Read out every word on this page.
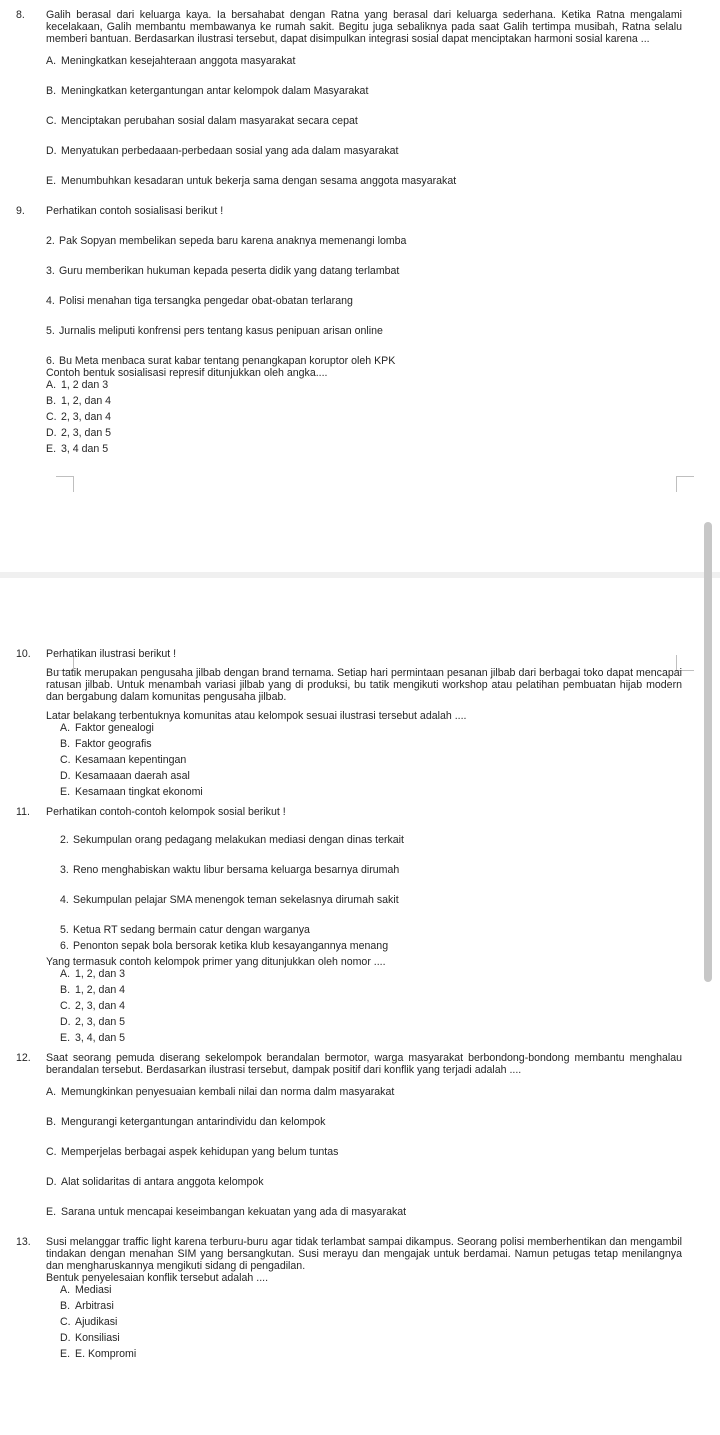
8.	Galih berasal dari keluarga kaya. Ia bersahabat dengan Ratna yang berasal dari keluarga sederhana. Ketika Ratna mengalami kecelakaan, Galih membantu membawanya ke rumah sakit. Begitu juga sebaliknya pada saat Galih tertimpa musibah, Ratna selalu memberi bantuan. Berdasarkan ilustrasi tersebut, dapat disimpulkan integrasi sosial dapat menciptakan harmoni sosial karena ...
A. Meningkatkan kesejahteraan anggota masyarakat
B. Meningkatkan ketergantungan antar kelompok dalam Masyarakat
C. Menciptakan perubahan sosial dalam masyarakat secara cepat
D. Menyatukan perbedaaan-perbedaan sosial yang ada dalam masyarakat
E. Menumbuhkan kesadaran untuk bekerja sama dengan sesama anggota masyarakat
9.	Perhatikan contoh sosialisasi berikut !
2. Pak Sopyan membelikan sepeda baru karena anaknya memenangi lomba
3. Guru memberikan hukuman kepada peserta didik yang datang terlambat
4. Polisi menahan tiga tersangka pengedar obat-obatan terlarang
5. Jurnalis meliputi konfrensi pers tentang kasus penipuan arisan online
6. Bu Meta menbaca surat kabar tentang penangkapan koruptor oleh KPK
Contoh bentuk sosialisasi represif ditunjukkan oleh angka....
A. 1, 2 dan 3
B. 1, 2, dan 4
C. 2, 3, dan 4
D. 2, 3, dan 5
E. 3, 4 dan 5
10.	Perhatikan ilustrasi berikut !
Bu tatik merupakan pengusaha jilbab dengan brand ternama. Setiap hari permintaan pesanan jilbab dari berbagai toko dapat mencapai ratusan jilbab. Untuk menambah variasi jilbab yang di produksi, bu tatik mengikuti workshop atau pelatihan pembuatan hijab modern dan bergabung dalam komunitas pengusaha jilbab.
Latar belakang terbentuknya komunitas atau kelompok sesuai ilustrasi tersebut adalah ....
A. Faktor genealogi
B. Faktor geografis
C. Kesamaan kepentingan
D. Kesamaaan daerah asal
E. Kesamaan tingkat ekonomi
11.	Perhatikan contoh-contoh kelompok sosial berikut !
2. Sekumpulan orang pedagang melakukan mediasi dengan dinas terkait
3. Reno menghabiskan waktu libur bersama keluarga besarnya dirumah
4. Sekumpulan pelajar SMA menengok teman sekelasnya dirumah sakit
5. Ketua RT sedang bermain catur dengan warganya
6. Penonton sepak bola bersorak ketika klub kesayangannya menang
Yang termasuk contoh kelompok primer yang ditunjukkan oleh nomor ....
A. 1, 2, dan 3
B. 1, 2, dan 4
C. 2, 3, dan 4
D. 2, 3, dan 5
E. 3, 4, dan 5
12.	Saat seorang pemuda diserang sekelompok berandalan bermotor, warga masyarakat berbondong-bondong membantu menghalau berandalan tersebut. Berdasarkan ilustrasi tersebut, dampak positif dari konflik yang terjadi adalah ....
A. Memungkinkan penyesuaian kembali nilai dan norma dalm masyarakat
B. Mengurangi ketergantungan antarindividu dan kelompok
C. Memperjelas berbagai aspek kehidupan yang belum tuntas
D. Alat solidaritas di antara anggota kelompok
E. Sarana untuk mencapai keseimbangan kekuatan yang ada di masyarakat
13.	Susi melanggar traffic light karena terburu-buru agar tidak terlambat sampai dikampus. Seorang polisi memberhentikan dan mengambil tindakan dengan menahan SIM yang bersangkutan. Susi merayu dan mengajak untuk berdamai. Namun petugas tetap menilangnya dan mengharuskannya mengikuti sidang di pengadilan.
Bentuk penyelesaian konflik tersebut adalah ....
A. Mediasi
B. Arbitrasi
C. Ajudikasi
D. Konsiliasi
E. E. Kompromi
